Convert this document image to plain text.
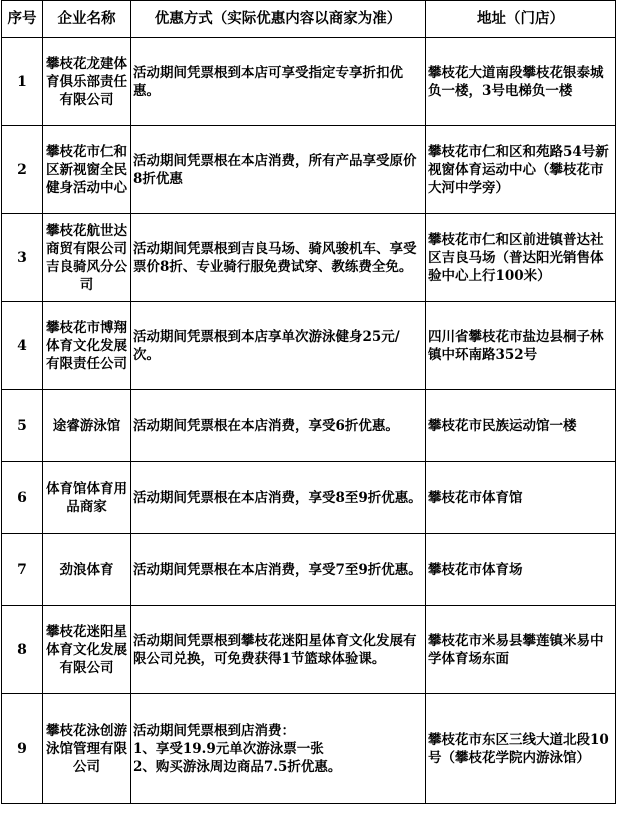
序号	企业名称	优惠方式（实际优惠内容以商家为准）	地址（门店）
1	攀枝花龙建体育俱乐部责任有限公司	活动期间凭票根到本店可享受指定专享折扣优惠。	攀枝花大道南段攀枝花银泰城负一楼，3号电梯负一楼
2	攀枝花市仁和区新视窗全民健身活动中心	活动期间凭票根在本店消费，所有产品享受原价8折优惠	攀枝花市仁和区和苑路54号新视窗体育运动中心（攀枝花市大河中学旁）
3	攀枝花航世达商贸有限公司吉良骑风分公司	活动期间凭票根到吉良马场、骑风骏机车、享受票价8折、专业骑行服免费试穿、教练费全免。	攀枝花市仁和区前进镇普达社区吉良马场（普达阳光销售体验中心上行100米）
4	攀枝花市博翔体育文化发展有限责任公司	活动期间凭票根到本店享单次游泳健身25元/次。	四川省攀枝花市盐边县桐子林镇中环南路352号
5	途睿游泳馆	活动期间凭票根在本店消费，享受6折优惠。	攀枝花市民族运动馆一楼
6	体育馆体育用品商家	活动期间凭票根在本店消费，享受8至9折优惠。	攀枝花市体育馆
7	劲浪体育	活动期间凭票根在本店消费，享受7至9折优惠。	攀枝花市体育场
8	攀枝花迷阳星体育文化发展有限公司	活动期间凭票根到攀枝花迷阳星体育文化发展有限公司兑换，可免费获得1节篮球体验课。	攀枝花市米易县攀莲镇米易中学体育场东面
9	攀枝花泳创游泳馆管理有限公司	活动期间凭票根到店消费：
1、享受19.9元单次游泳票一张
2、购买游泳周边商品7.5折优惠。	攀枝花市东区三线大道北段10号（攀枝花学院内游泳馆）
